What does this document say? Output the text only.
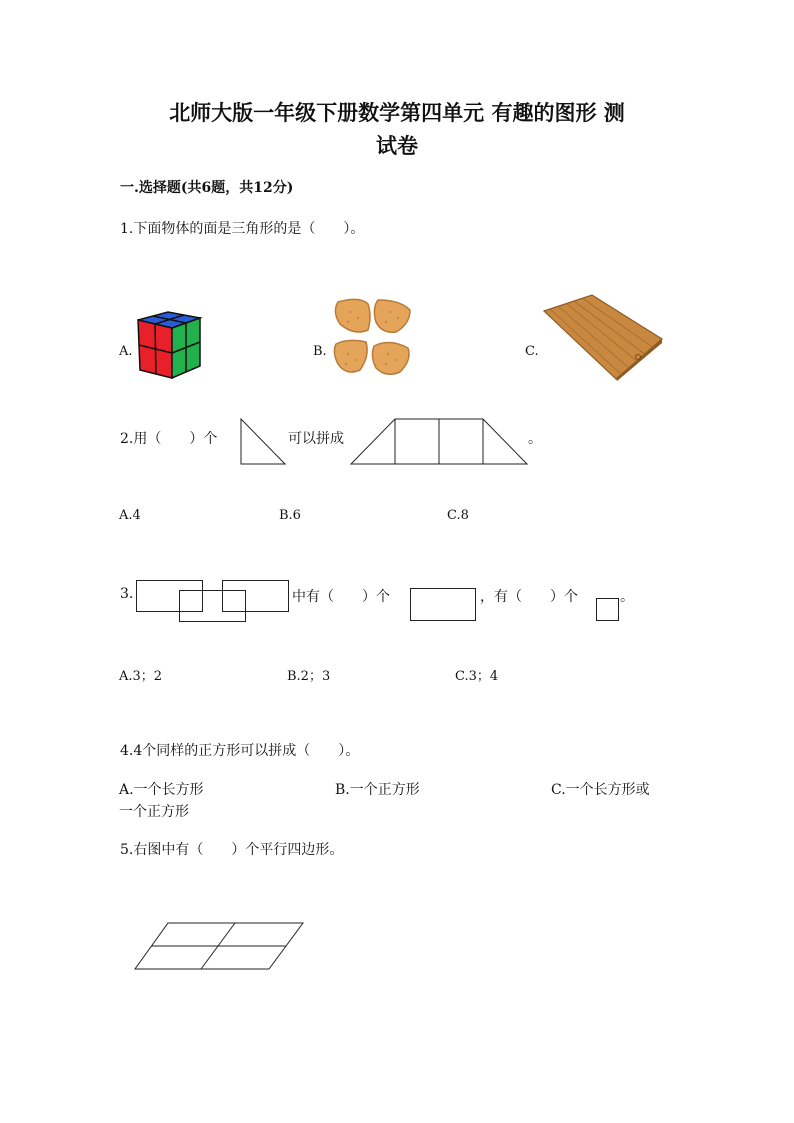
北师大版一年级下册数学第四单元 有趣的图形 测
试卷
一.选择题(共6题，共12分)
1.下面物体的面是三角形的是（　　）。
A.	B.	C.
2.用（　　）个	可以拼成	。
A.4	B.6	C.8
3.	中有（　　）个	，有（　　）个	。
A.3；2	B.2；3	C.3；4
4.4个同样的正方形可以拼成（　　）。
A.一个长方形	B.一个正方形	C.一个长方形或
一个正方形
5.右图中有（　　）个平行四边形。
